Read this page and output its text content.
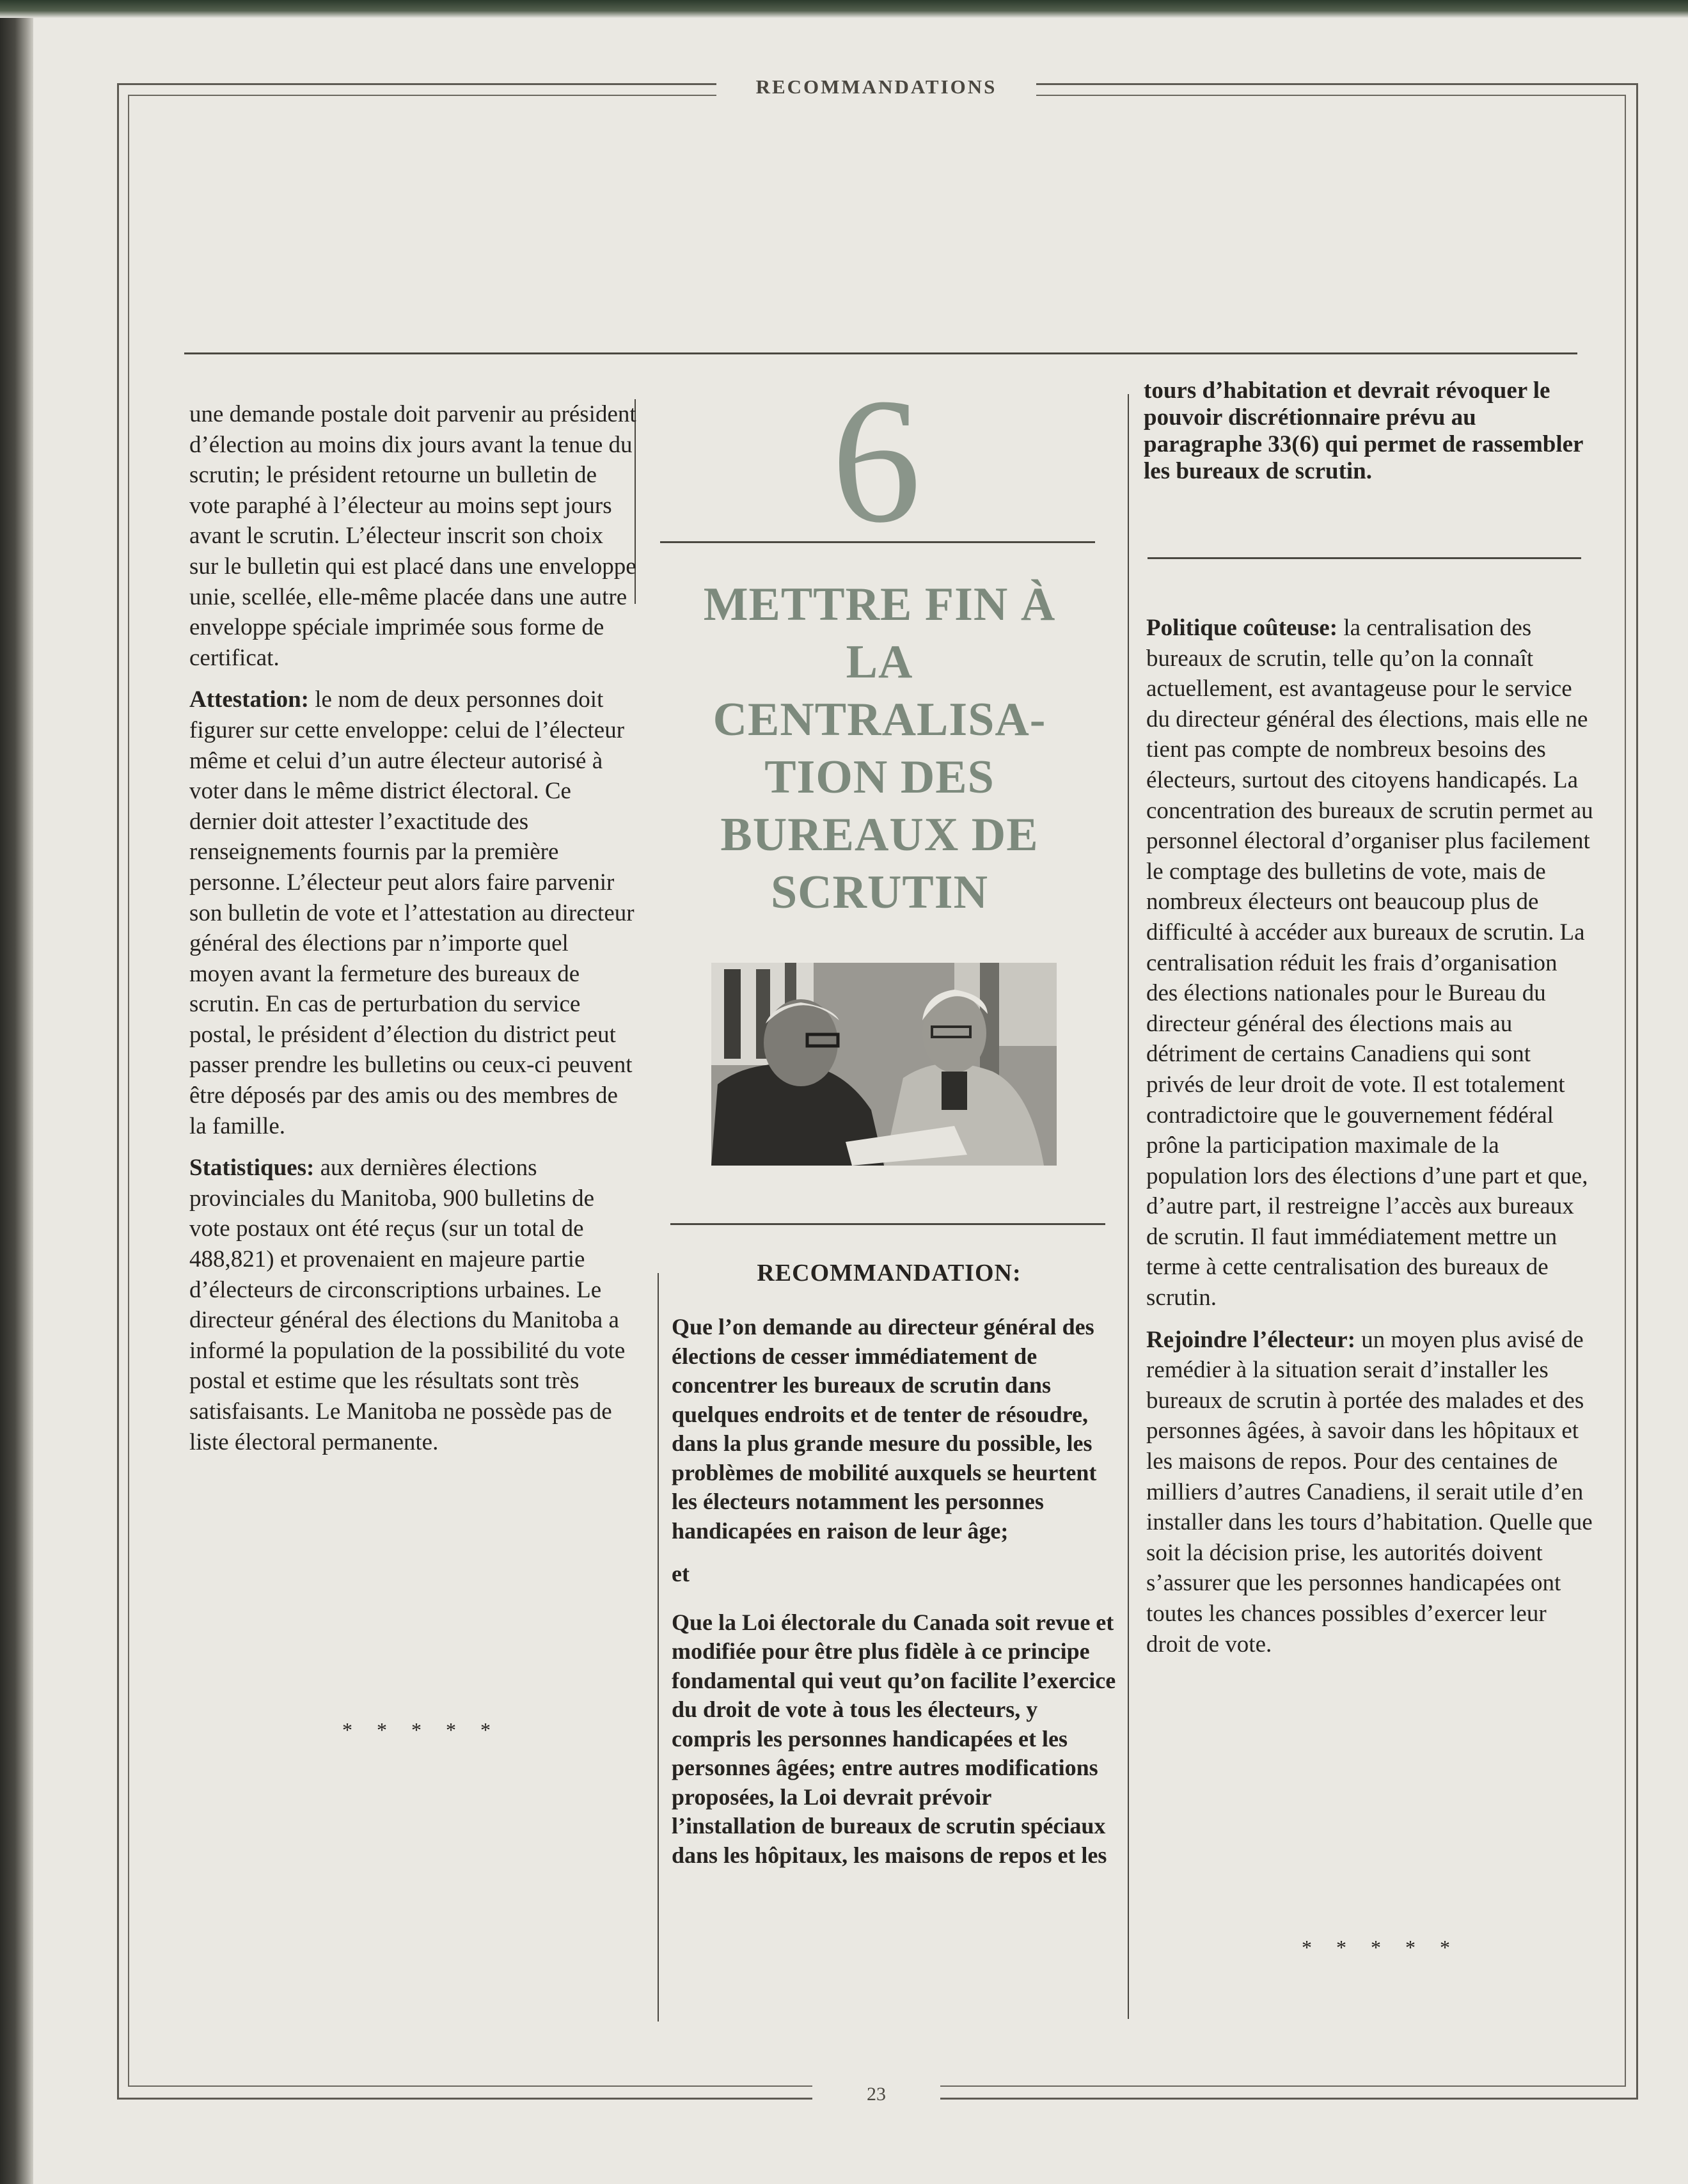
RECOMMANDATIONS
23

une demande postale doit parvenir au président d’élection au moins dix jours avant la tenue du scrutin; le président retourne un bulletin de vote paraphé à l’électeur au moins sept jours avant le scrutin. L’électeur inscrit son choix sur le bulletin qui est placé dans une enveloppe unie, scellée, elle-même placée dans une autre enveloppe spéciale imprimée sous forme de certificat.

Attestation: le nom de deux personnes doit figurer sur cette enveloppe: celui de l’électeur même et celui d’un autre électeur autorisé à voter dans le même district électoral. Ce dernier doit attester l’exactitude des renseignements fournis par la première personne. L’électeur peut alors faire parvenir son bulletin de vote et l’attestation au directeur général des élections par n’importe quel moyen avant la fermeture des bureaux de scrutin. En cas de perturbation du service postal, le président d’élection du district peut passer prendre les bulletins ou ceux-ci peuvent être déposés par des amis ou des membres de la famille.

Statistiques: aux dernières élections provinciales du Manitoba, 900 bulletins de vote postaux ont été reçus (sur un total de 488,821) et provenaient en majeure partie d’électeurs de circonscriptions urbaines. Le directeur général des élections du Manitoba a informé la population de la possibilité du vote postal et estime que les résultats sont très satisfaisants. Le Manitoba ne possède pas de liste électoral permanente.

*****
6
METTRE FIN À
LA
CENTRALISA-
TION DES
BUREAUX DE
SCRUTIN
RECOMMANDATION:

Que l’on demande au directeur général des élections de cesser immédiatement de concentrer les bureaux de scrutin dans quelques endroits et de tenter de résoudre, dans la plus grande mesure du possible, les problèmes de mobilité auxquels se heurtent les électeurs notamment les personnes handicapées en raison de leur âge;

et

Que la Loi électorale du Canada soit revue et modifiée pour être plus fidèle à ce principe fondamental qui veut qu’on facilite l’exercice du droit de vote à tous les électeurs, y compris les personnes handicapées et les personnes âgées; entre autres modifications proposées, la Loi devrait prévoir l’installation de bureaux de scrutin spéciaux dans les hôpitaux, les maisons de repos et les

tours d’habitation et devrait révoquer le pouvoir discrétionnaire prévu au paragraphe 33(6) qui permet de rassembler les bureaux de scrutin.

Politique coûteuse: la centralisation des bureaux de scrutin, telle qu’on la connaît actuellement, est avantageuse pour le service du directeur général des élections, mais elle ne tient pas compte de nombreux besoins des électeurs, surtout des citoyens handicapés. La concentration des bureaux de scrutin permet au personnel électoral d’organiser plus facilement le comptage des bulletins de vote, mais de nombreux électeurs ont beaucoup plus de difficulté à accéder aux bureaux de scrutin. La centralisation réduit les frais d’organisation des élections nationales pour le Bureau du directeur général des élections mais au détriment de certains Canadiens qui sont privés de leur droit de vote. Il est totalement contradictoire que le gouvernement fédéral prône la participation maximale de la population lors des élections d’une part et que, d’autre part, il restreigne l’accès aux bureaux de scrutin. Il faut immédiatement mettre un terme à cette centralisation des bureaux de scrutin.

Rejoindre l’électeur: un moyen plus avisé de remédier à la situation serait d’installer les bureaux de scrutin à portée des malades et des personnes âgées, à savoir dans les hôpitaux et les maisons de repos. Pour des centaines de milliers d’autres Canadiens, il serait utile d’en installer dans les tours d’habitation. Quelle que soit la décision prise, les autorités doivent s’assurer que les personnes handicapées ont toutes les chances possibles d’exercer leur droit de vote.

*****
